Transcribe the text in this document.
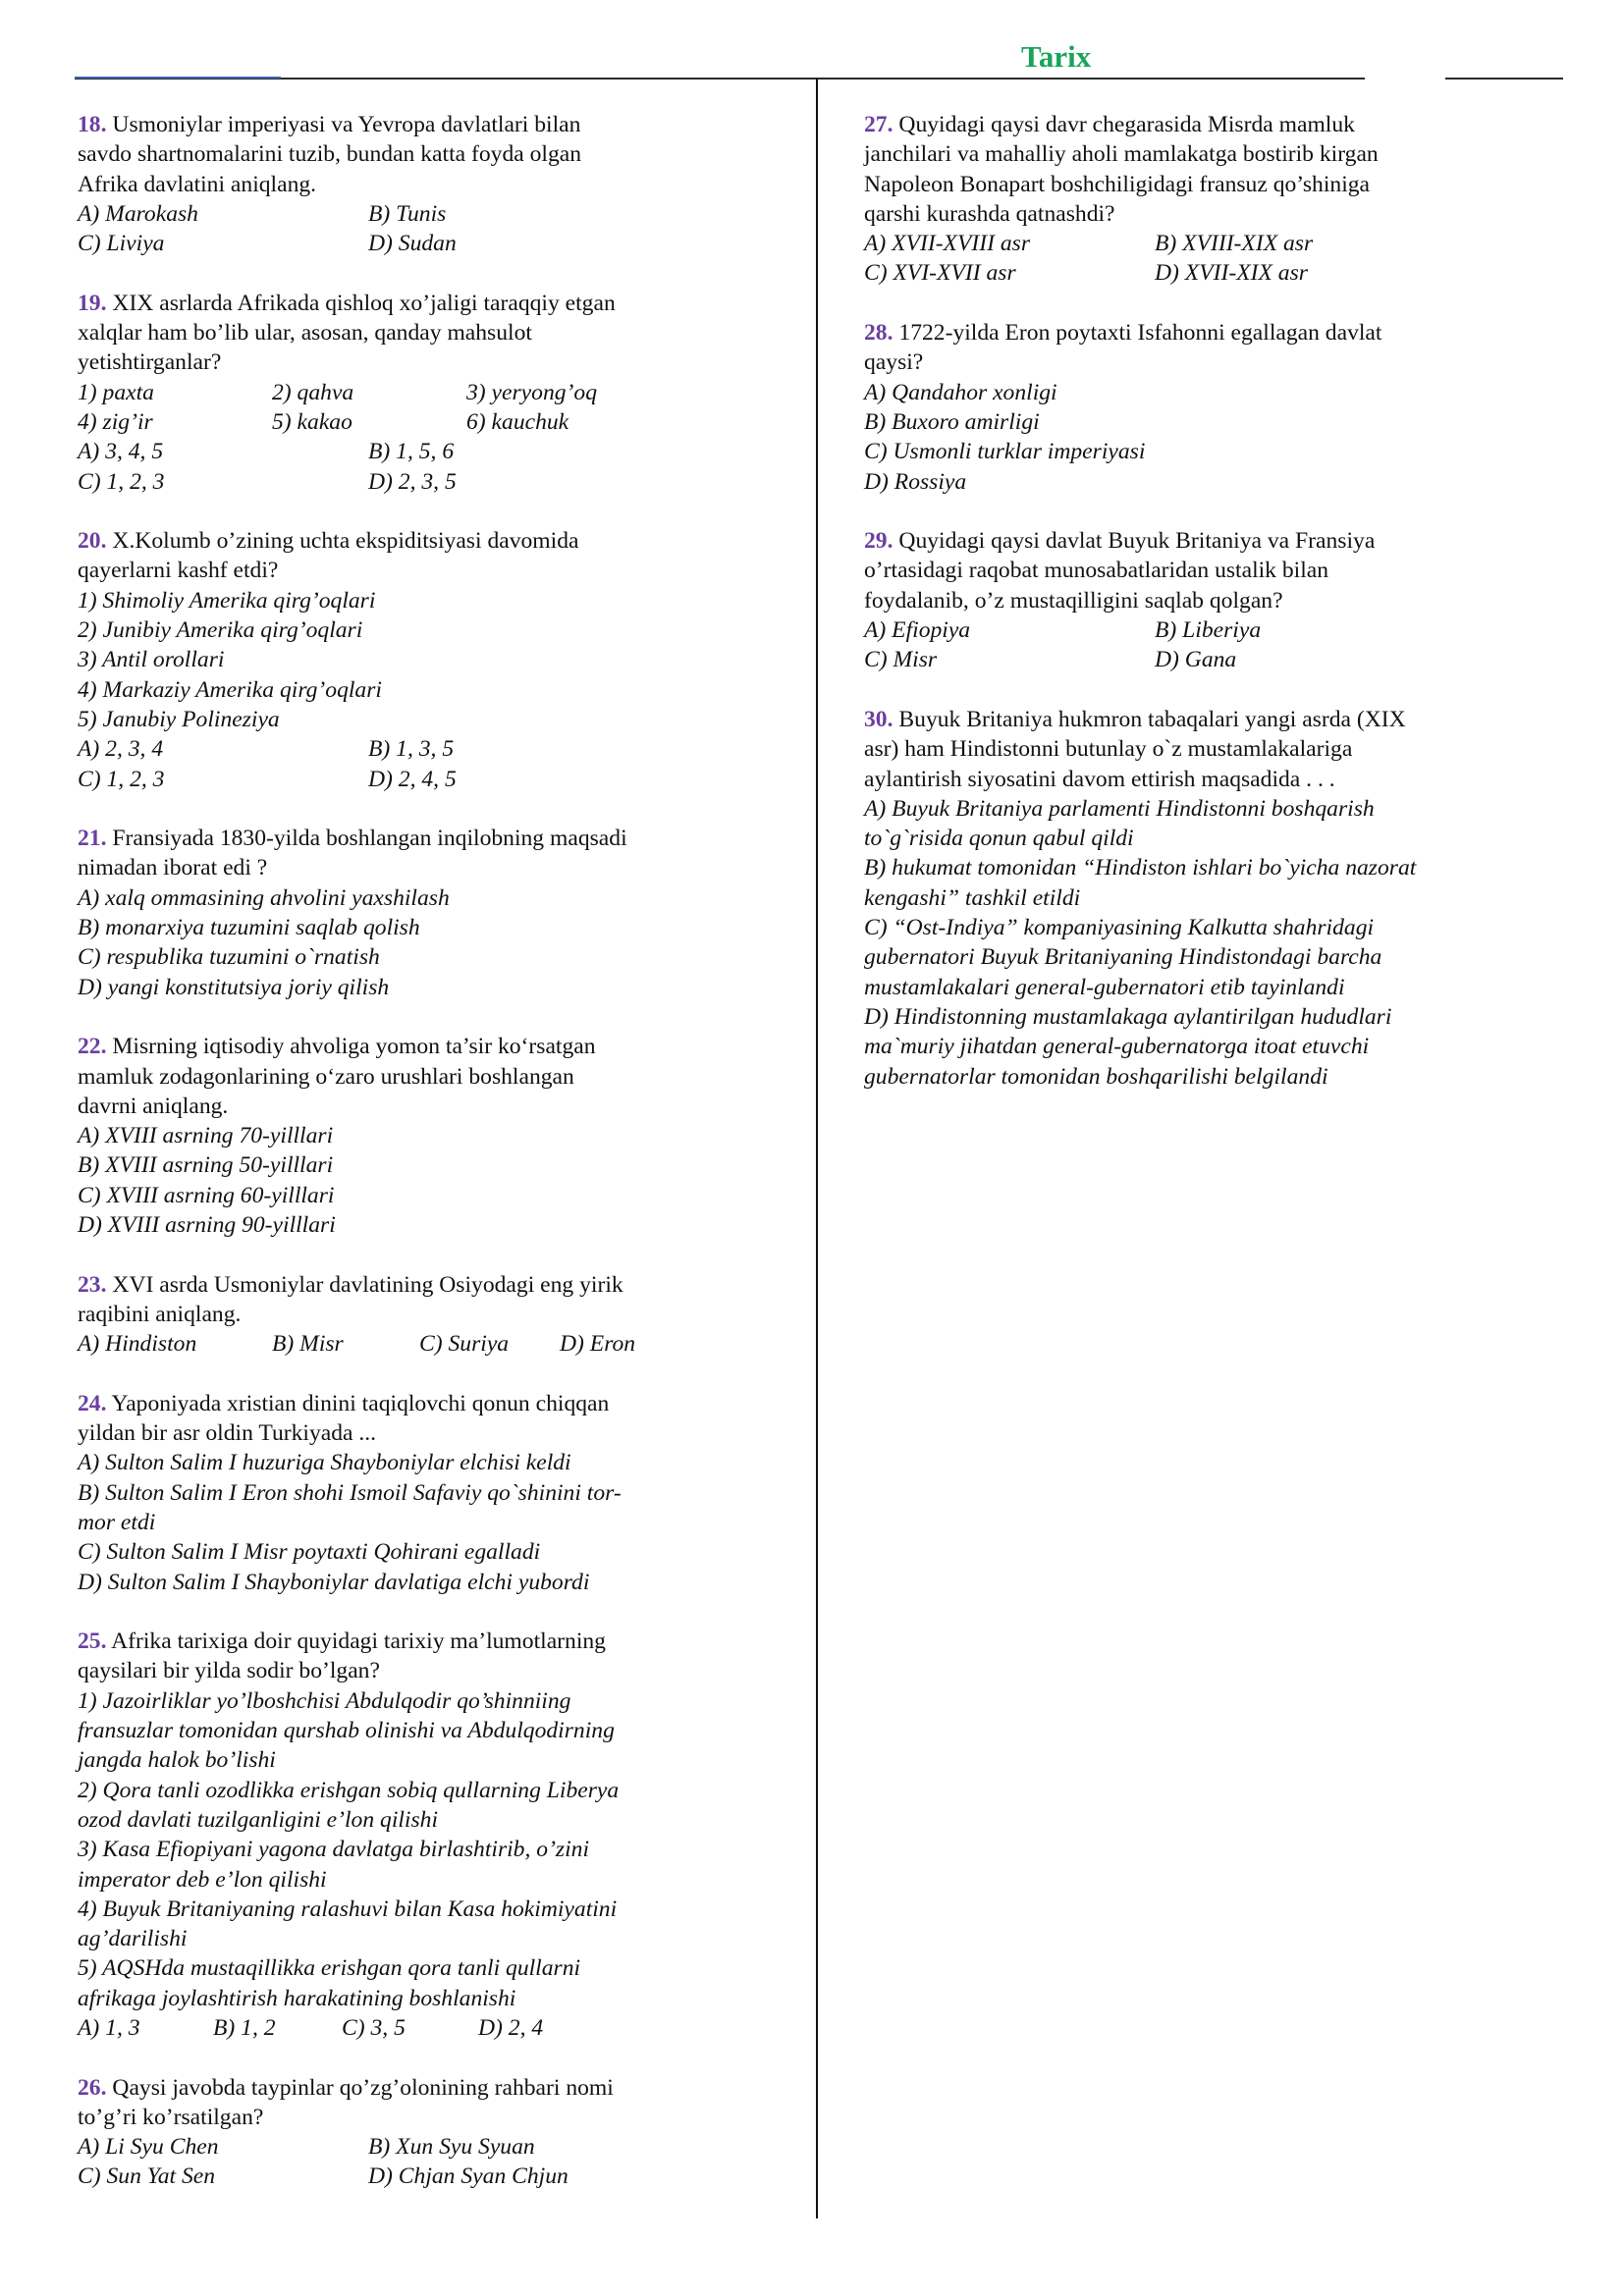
Tarix
18. Usmoniylar imperiyasi va Yevropa davlatlari bilan
savdo shartnomalarini tuzib, bundan katta foyda olgan
Afrika davlatini aniqlang.
A) Marokash	B) Tunis
C) Liviya	D) Sudan
19. XIX asrlarda Afrikada qishloq xo’jaligi taraqqiy etgan
xalqlar ham bo’lib ular, asosan, qanday mahsulot
yetishtirganlar?
1) paxta	2) qahva	3) yeryong’oq
4) zig’ir	5) kakao	6) kauchuk
A) 3, 4, 5	B) 1, 5, 6
C) 1, 2, 3	D) 2, 3, 5
20. X.Kolumb o’zining uchta ekspiditsiyasi davomida
qayerlarni kashf etdi?
1) Shimoliy Amerika qirg’oqlari
2) Junibiy Amerika qirg’oqlari
3) Antil orollari
4) Markaziy Amerika qirg’oqlari
5) Janubiy Polineziya
A) 2, 3, 4	B) 1, 3, 5
C) 1, 2, 3	D) 2, 4, 5
21. Fransiyada 1830-yilda boshlangan inqilobning maqsadi
nimadan iborat edi ?
A) xalq ommasining ahvolini yaxshilash
B) monarxiya tuzumini saqlab qolish
C) respublika tuzumini o`rnatish
D) yangi konstitutsiya joriy qilish
22. Misrning iqtisodiy ahvoliga yomon ta’sir ko‘rsatgan
mamluk zodagonlarining o‘zaro urushlari boshlangan
davrni aniqlang.
A) XVIII asrning 70-yilllari
B) XVIII asrning 50-yilllari
C) XVIII asrning 60-yilllari
D) XVIII asrning 90-yilllari
23. XVI asrda Usmoniylar davlatining Osiyodagi eng yirik
raqibini aniqlang.
A) Hindiston	B) Misr	C) Suriya D) Eron
24. Yaponiyada xristian dinini taqiqlovchi qonun chiqqan
yildan bir asr oldin Turkiyada ...
A) Sulton Salim I huzuriga Shayboniylar elchisi keldi
B) Sulton Salim I Eron shohi Ismoil Safaviy qo`shinini tor-
mor etdi
C) Sulton Salim I Misr poytaxti Qohirani egalladi
D) Sulton Salim I Shayboniylar davlatiga elchi yubordi
25. Afrika tarixiga doir quyidagi tarixiy ma’lumotlarning
qaysilari bir yilda sodir bo’lgan?
1) Jazoirliklar yo’lboshchisi Abdulqodir qo’shinniing
fransuzlar tomonidan qurshab olinishi va Abdulqodirning
jangda halok bo’lishi
2) Qora tanli ozodlikka erishgan sobiq qullarning Liberya
ozod davlati tuzilganligini e’lon qilishi
3) Kasa Efiopiyani yagona davlatga birlashtirib, o’zini
imperator deb e’lon qilishi
4) Buyuk Britaniyaning ralashuvi bilan Kasa hokimiyatini
ag’darilishi
5) AQSHda mustaqillikka erishgan qora tanli qullarni
afrikaga joylashtirish harakatining boshlanishi
A) 1, 3	B) 1, 2	C) 3, 5	D) 2, 4
26. Qaysi javobda taypinlar qo’zg’olonining rahbari nomi
to’g’ri ko’rsatilgan?
A) Li Syu Chen	B) Xun Syu Syuan
C) Sun Yat Sen	D) Chjan Syan Chjun
27. Quyidagi qaysi davr chegarasida Misrda mamluk
janchilari va mahalliy aholi mamlakatga bostirib kirgan
Napoleon Bonapart boshchiligidagi fransuz qo’shiniga
qarshi kurashda qatnashdi?
A) XVII-XVIII asr	B) XVIII-XIX asr
C) XVI-XVII asr	D) XVII-XIX asr
28. 1722-yilda Eron poytaxti Isfahonni egallagan davlat
qaysi?
A) Qandahor xonligi
B) Buxoro amirligi
C) Usmonli turklar imperiyasi
D) Rossiya
29. Quyidagi qaysi davlat Buyuk Britaniya va Fransiya
o’rtasidagi raqobat munosabatlaridan ustalik bilan
foydalanib, o’z mustaqilligini saqlab qolgan?
A) Efiopiya	B) Liberiya
C) Misr	D) Gana
30. Buyuk Britaniya hukmron tabaqalari yangi asrda (XIX
asr) ham Hindistonni butunlay o`z mustamlakalariga
aylantirish siyosatini davom ettirish maqsadida . . .
A) Buyuk Britaniya parlamenti Hindistonni boshqarish
to`g`risida qonun qabul qildi
B) hukumat tomonidan “Hindiston ishlari bo`yicha nazorat
kengashi” tashkil etildi
C) “Ost-Indiya” kompaniyasining Kalkutta shahridagi
gubernatori Buyuk Britaniyaning Hindistondagi barcha
mustamlakalari general-gubernatori etib tayinlandi
D) Hindistonning mustamlakaga aylantirilgan hududlari
ma`muriy jihatdan general-gubernatorga itoat etuvchi
gubernatorlar tomonidan boshqarilishi belgilandi
